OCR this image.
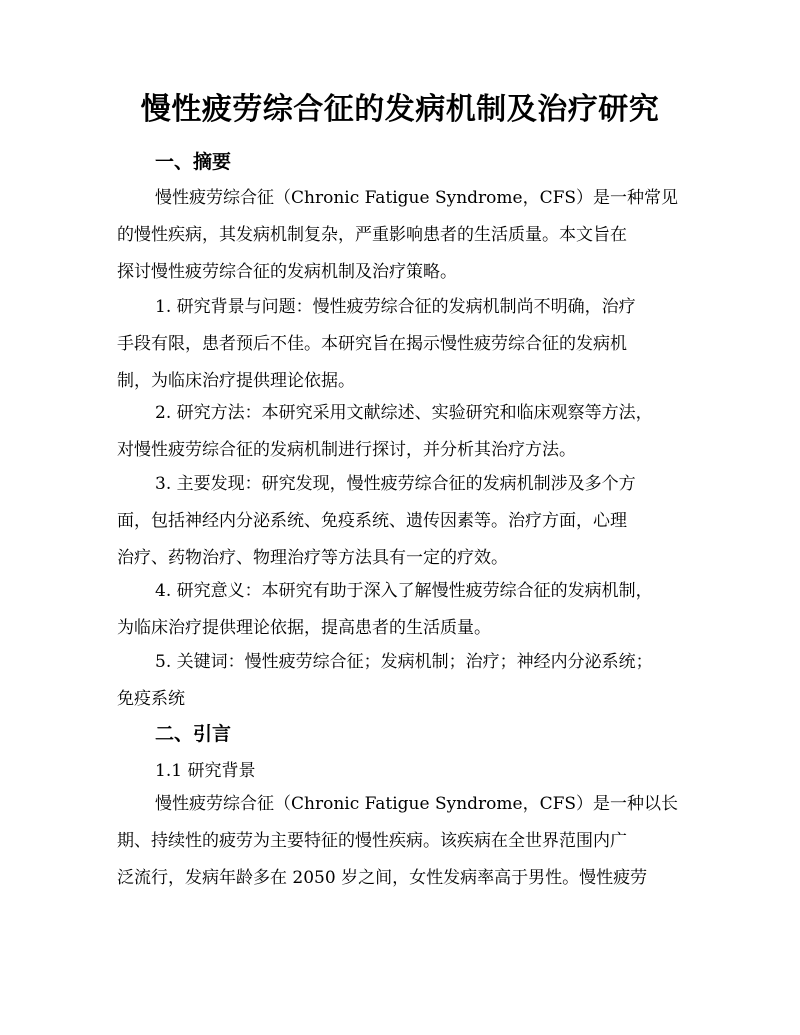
慢性疲劳综合征的发病机制及治疗研究
一、摘要

慢性疲劳综合征（Chronic Fatigue Syndrome，CFS）是一种常见
的慢性疾病，其发病机制复杂，严重影响患者的生活质量。本文旨在
探讨慢性疲劳综合征的发病机制及治疗策略。

1. 研究背景与问题：慢性疲劳综合征的发病机制尚不明确，治疗
手段有限，患者预后不佳。本研究旨在揭示慢性疲劳综合征的发病机
制，为临床治疗提供理论依据。

2. 研究方法：本研究采用文献综述、实验研究和临床观察等方法，
对慢性疲劳综合征的发病机制进行探讨，并分析其治疗方法。

3. 主要发现：研究发现，慢性疲劳综合征的发病机制涉及多个方
面，包括神经内分泌系统、免疫系统、遗传因素等。治疗方面，心理
治疗、药物治疗、物理治疗等方法具有一定的疗效。

4. 研究意义：本研究有助于深入了解慢性疲劳综合征的发病机制，
为临床治疗提供理论依据，提高患者的生活质量。

5. 关键词：慢性疲劳综合征；发病机制；治疗；神经内分泌系统；
免疫系统

二、引言

1.1 研究背景

慢性疲劳综合征（Chronic Fatigue Syndrome，CFS）是一种以长
期、持续性的疲劳为主要特征的慢性疾病。该疾病在全世界范围内广
泛流行，发病年龄多在 2050 岁之间，女性发病率高于男性。慢性疲劳
